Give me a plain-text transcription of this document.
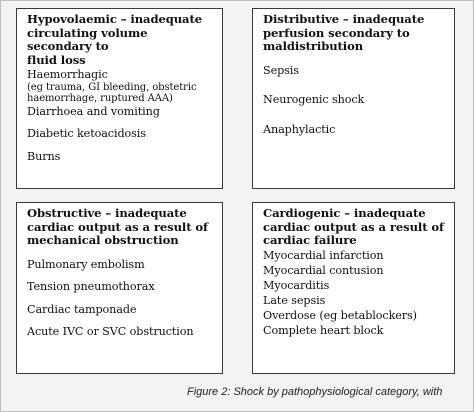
Hypovolaemic – inadequate
circulating volume secondary to
fluid loss

Haemorrhagic
(eg trauma, GI bleeding, obstetric
haemorrhage, ruptured AAA)
Diarrhoea and vomiting
Diabetic ketoacidosis
Burns

Distributive – inadequate
perfusion secondary to
maldistribution

Sepsis
Neurogenic shock
Anaphylactic

Obstructive – inadequate
cardiac output as a result of
mechanical obstruction

Pulmonary embolism
Tension pneumothorax
Cardiac tamponade
Acute IVC or SVC obstruction

Cardiogenic – inadequate
cardiac output as a result of
cardiac failure

Myocardial infarction
Myocardial contusion
Myocarditis
Late sepsis
Overdose (eg betablockers)
Complete heart block
Figure 2: Shock by pathophysiological category, with
